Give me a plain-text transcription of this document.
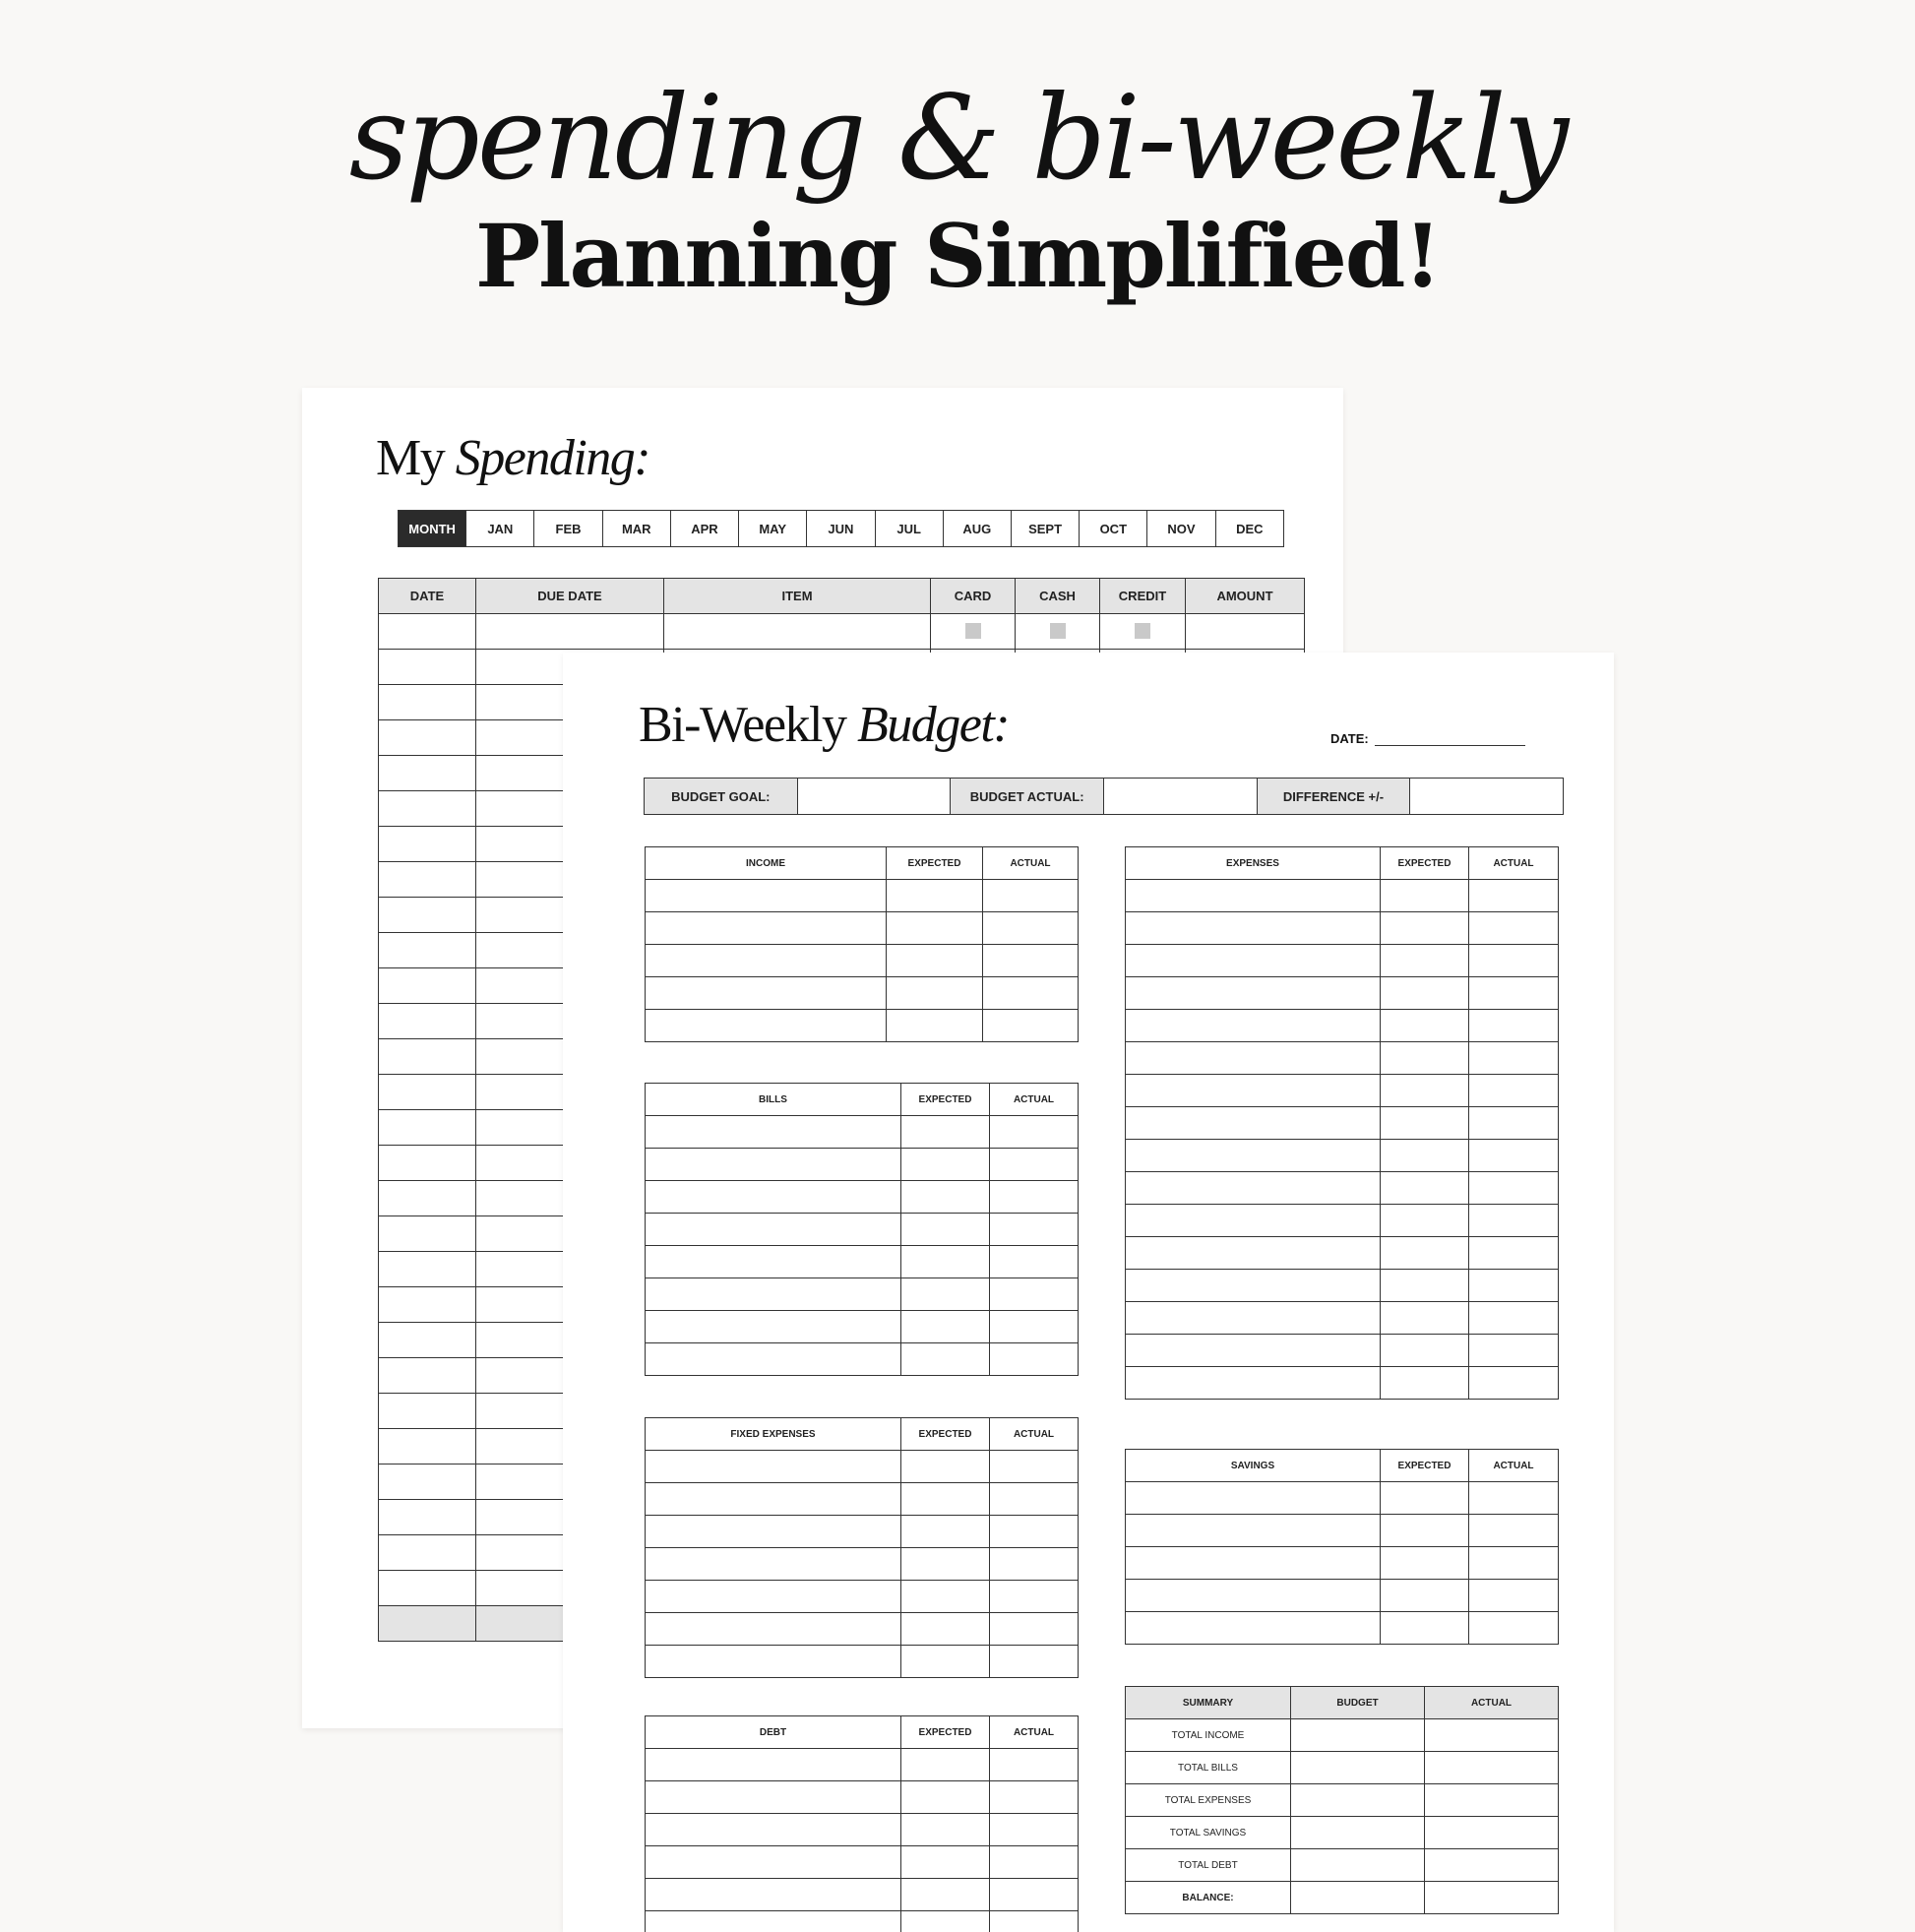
spending & bi-weekly
Planning Simplified!
My Spending:
MONTH	JAN	FEB	MAR	APR	MAY	JUN	JUL	AUG	SEPT	OCT	NOV	DEC
DATE	DUE DATE	ITEM	CARD	CASH	CREDIT	AMOUNT

Bi-Weekly Budget:	DATE:
BUDGET GOAL:		BUDGET ACTUAL:		DIFFERENCE +/-	
INCOME	EXPECTED	ACTUAL

BILLS	EXPECTED	ACTUAL

FIXED EXPENSES	EXPECTED	ACTUAL

DEBT	EXPECTED	ACTUAL

EXPENSES	EXPECTED	ACTUAL

SAVINGS	EXPECTED	ACTUAL

SUMMARY	BUDGET	ACTUAL
TOTAL INCOME		
TOTAL BILLS		
TOTAL EXPENSES		
TOTAL SAVINGS		
TOTAL DEBT		
BALANCE:		
